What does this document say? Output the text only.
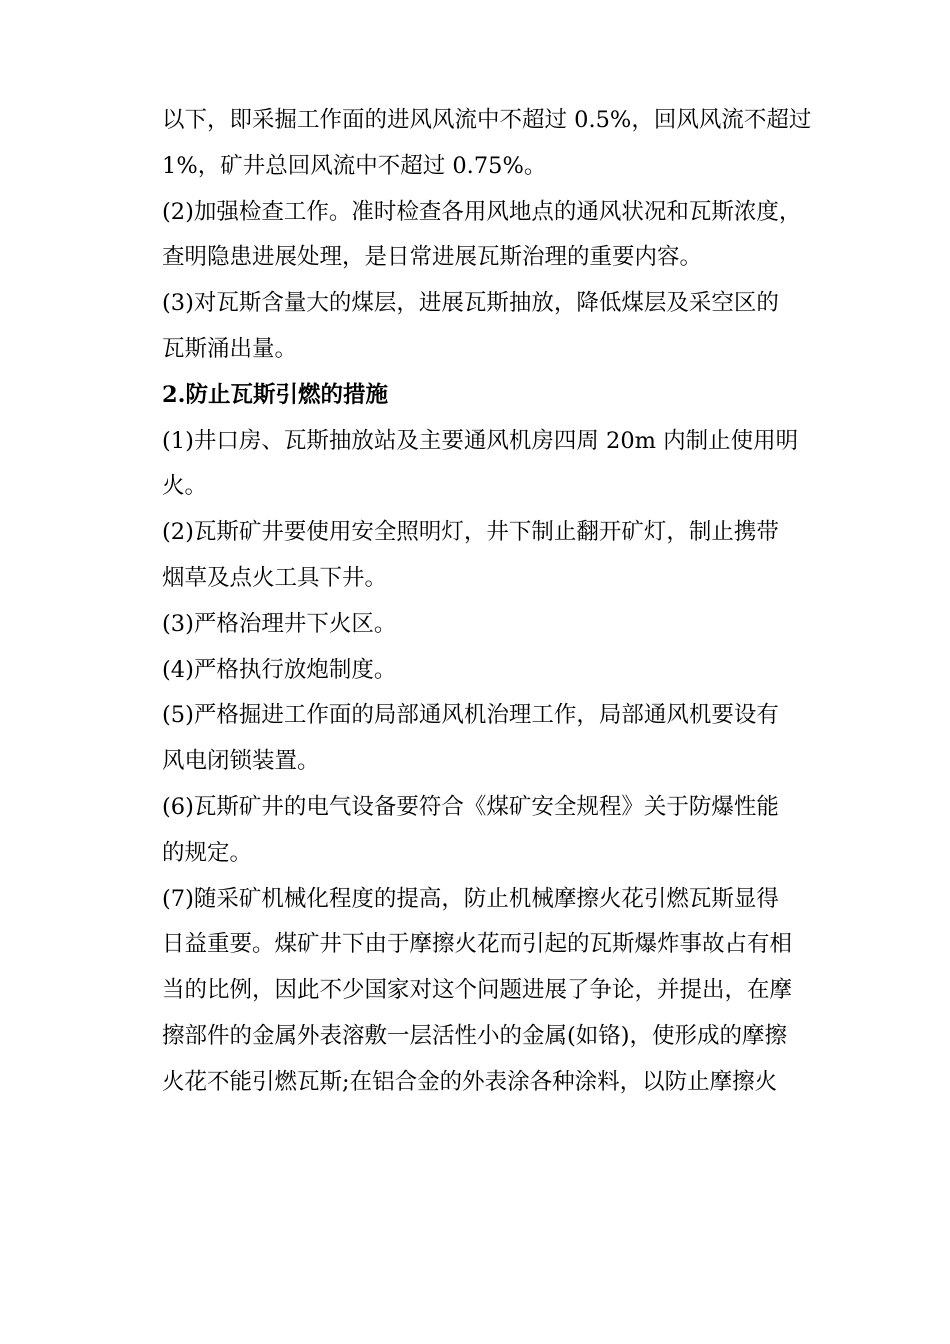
以下，即采掘工作面的进风风流中不超过 0.5%，回风风流不超过
1%，矿井总回风流中不超过 0.75%。
(2)加强检查工作。准时检查各用风地点的通风状况和瓦斯浓度，
查明隐患进展处理，是日常进展瓦斯治理的重要内容。
(3)对瓦斯含量大的煤层，进展瓦斯抽放，降低煤层及采空区的
瓦斯涌出量。
2.防止瓦斯引燃的措施
(1)井口房、瓦斯抽放站及主要通风机房四周 20m 内制止使用明
火。
(2)瓦斯矿井要使用安全照明灯，井下制止翻开矿灯，制止携带
烟草及点火工具下井。
(3)严格治理井下火区。
(4)严格执行放炮制度。
(5)严格掘进工作面的局部通风机治理工作，局部通风机要设有
风电闭锁装置。
(6)瓦斯矿井的电气设备要符合《煤矿安全规程》关于防爆性能
的规定。
(7)随采矿机械化程度的提高，防止机械摩擦火花引燃瓦斯显得
日益重要。煤矿井下由于摩擦火花而引起的瓦斯爆炸事故占有相
当的比例，因此不少国家对这个问题进展了争论，并提出，在摩
擦部件的金属外表溶敷一层活性小的金属(如铬)，使形成的摩擦
火花不能引燃瓦斯;在铝合金的外表涂各种涂料，以防止摩擦火
